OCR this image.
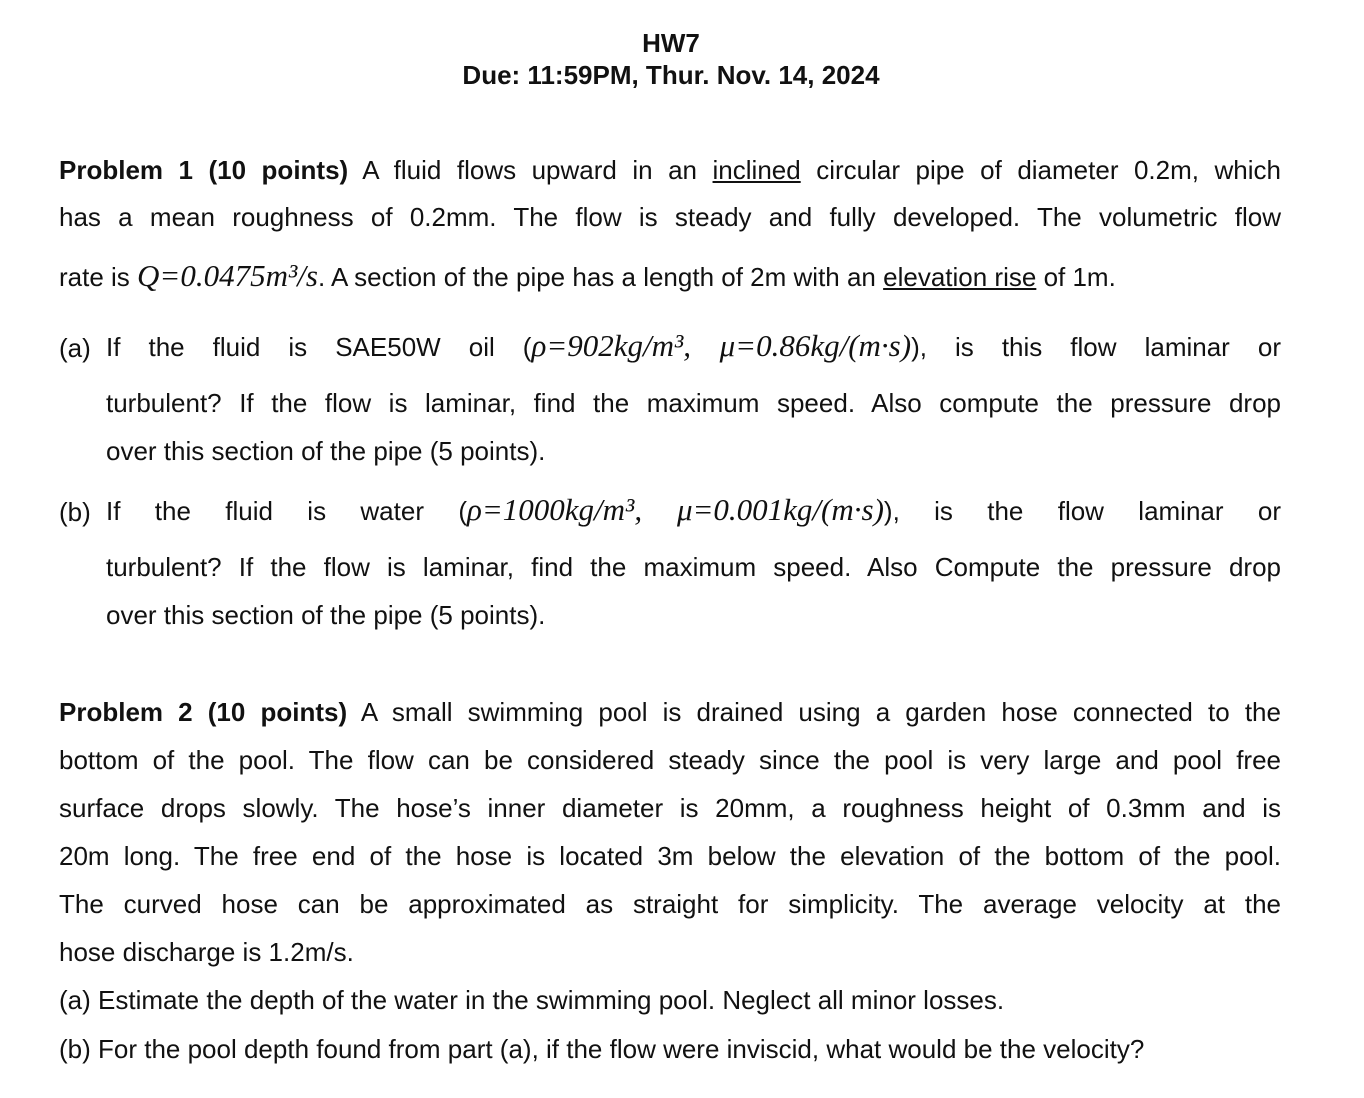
HW7
Due: 11:59PM, Thur. Nov. 14, 2024
Problem 1 (10 points) A fluid flows upward in an inclined circular pipe of diameter 0.2m, which
has a mean roughness of 0.2mm. The flow is steady and fully developed. The volumetric flow
rate is Q=0.0475m³/s. A section of the pipe has a length of 2m with an elevation rise of 1m.
(a) If the fluid is SAE50W oil (ρ=902kg/m³, μ=0.86kg/(m·s)), is this flow laminar or
turbulent? If the flow is laminar, find the maximum speed. Also compute the pressure drop
over this section of the pipe (5 points).
(b) If the fluid is water (ρ=1000kg/m³, μ=0.001kg/(m·s)), is the flow laminar or
turbulent? If the flow is laminar, find the maximum speed. Also Compute the pressure drop
over this section of the pipe (5 points).
Problem 2 (10 points) A small swimming pool is drained using a garden hose connected to the
bottom of the pool. The flow can be considered steady since the pool is very large and pool free
surface drops slowly. The hose’s inner diameter is 20mm, a roughness height of 0.3mm and is
20m long. The free end of the hose is located 3m below the elevation of the bottom of the pool.
The curved hose can be approximated as straight for simplicity. The average velocity at the
hose discharge is 1.2m/s.
(a) Estimate the depth of the water in the swimming pool. Neglect all minor losses.
(b) For the pool depth found from part (a), if the flow were inviscid, what would be the velocity?
